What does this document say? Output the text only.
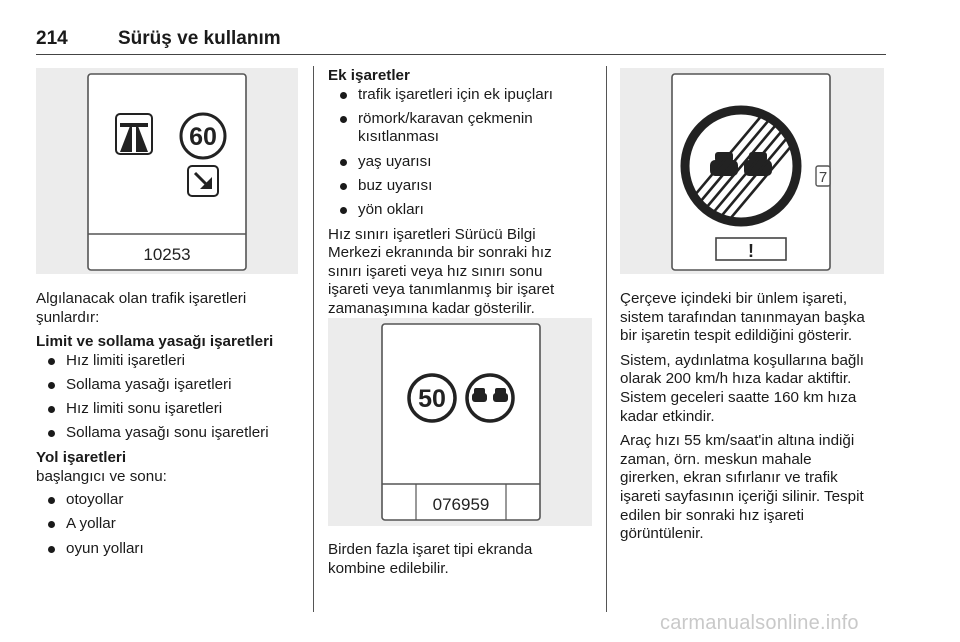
214	Sürüş ve kullanım
60
10253

Algılanacak olan trafik işaretleri
şunlardır:

Limit ve sollama yasağı işaretleri
Hız limiti işaretleri
Sollama yasağı işaretleri
Hız limiti sonu işaretleri
Sollama yasağı sonu işaretleri
Yol işaretleri
başlangıcı ve sonu:
otoyollar
A yollar
oyun yolları
Ek işaretler
trafik işaretleri için ek ipuçları
römork/karavan çekmenin kısıtlanması
yaş uyarısı
buz uyarısı
yön okları

Hız sınırı işaretleri Sürücü Bilgi
Merkezi ekranında bir sonraki hız
sınırı işareti veya hız sınırı sonu
işareti veya tanımlanmış bir işaret
zamanaşımına kadar gösterilir.

50
076959
Birden fazla işaret tipi ekranda
kombine edilebilir.
7
!

Çerçeve içindeki bir ünlem işareti,
sistem tarafından tanınmayan başka
bir işaretin tespit edildiğini gösterir.

Sistem, aydınlatma koşullarına bağlı
olarak 200 km/h hıza kadar aktiftir.
Sistem geceleri saatte 160 km hıza
kadar etkindir.

Araç hızı 55 km/saat'in altına indiği
zaman, örn. meskun mahale
girerken, ekran sıfırlanır ve trafik
işareti sayfasının içeriği silinir. Tespit
edilen bir sonraki hız işareti
görüntülenir.

carmanualsonline.info
